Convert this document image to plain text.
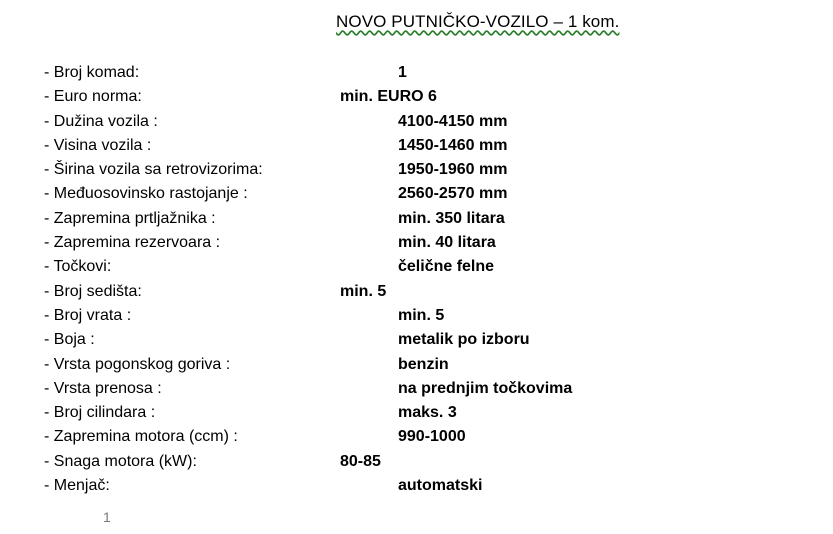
NOVO PUTNIČKO-VOZILO – 1 kom.
- Broj komad:	1
- Euro norma:	min. EURO 6
- Dužina vozila :	4100-4150 mm
- Visina vozila :	1450-1460 mm
- Širina vozila sa retrovizorima:	1950-1960 mm
- Međuosovinsko rastojanje :	2560-2570 mm
- Zapremina prtljažnika :	min. 350 litara
- Zapremina rezervoara :	min. 40 litara
- Točkovi:	čelične felne
- Broj sedišta:	min. 5
- Broj vrata :	min. 5
- Boja :	metalik po izboru
- Vrsta pogonskog goriva :	benzin
- Vrsta prenosa :	na prednjim točkovima
- Broj cilindara :	maks. 3
- Zapremina motora (ccm) :	990-1000
- Snaga motora (kW):	80-85
- Menjač:	automatski
1
